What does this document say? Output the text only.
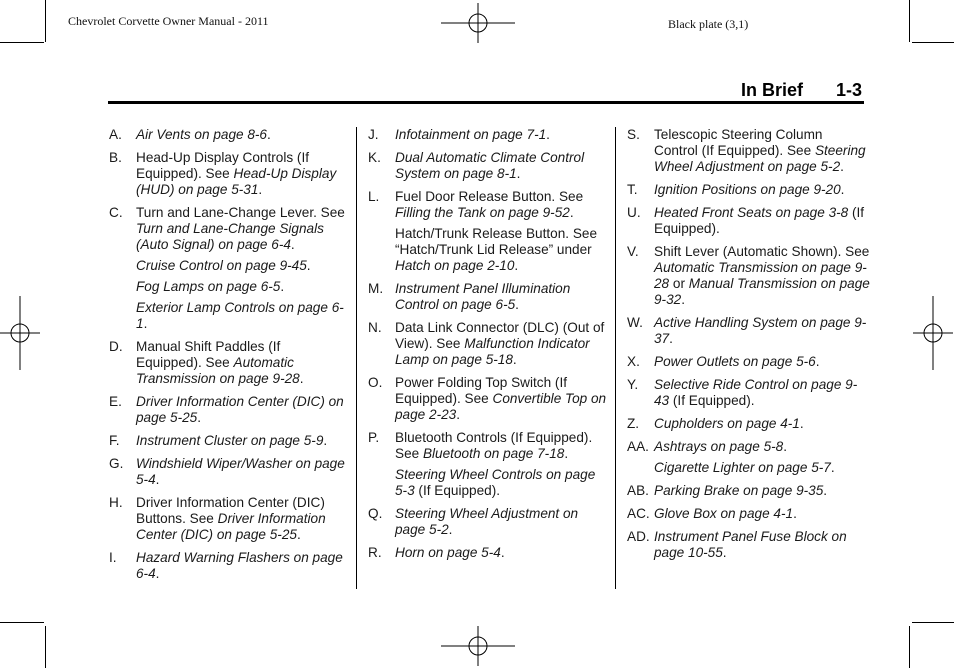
Chevrolet Corvette Owner Manual - 2011	Black plate (3,1)
In Brief 1-3
A. Air Vents on page 8-6.
B. Head-Up Display Controls (If Equipped). See Head-Up Display (HUD) on page 5-31.
C. Turn and Lane-Change Lever. See Turn and Lane-Change Signals (Auto Signal) on page 6-4.
Cruise Control on page 9-45.
Fog Lamps on page 6-5.
Exterior Lamp Controls on page 6-1.
D. Manual Shift Paddles (If Equipped). See Automatic Transmission on page 9-28.
E. Driver Information Center (DIC) on page 5-25.
F. Instrument Cluster on page 5-9.
G. Windshield Wiper/Washer on page 5-4.
H. Driver Information Center (DIC) Buttons. See Driver Information Center (DIC) on page 5-25.
I. Hazard Warning Flashers on page 6-4.
J. Infotainment on page 7-1.
K. Dual Automatic Climate Control System on page 8-1.
L. Fuel Door Release Button. See Filling the Tank on page 9-52.
Hatch/Trunk Release Button. See “Hatch/Trunk Lid Release” under Hatch on page 2-10.
M. Instrument Panel Illumination Control on page 6-5.
N. Data Link Connector (DLC) (Out of View). See Malfunction Indicator Lamp on page 5-18.
O. Power Folding Top Switch (If Equipped). See Convertible Top on page 2-23.
P. Bluetooth Controls (If Equipped). See Bluetooth on page 7-18.
Steering Wheel Controls on page 5-3 (If Equipped).
Q. Steering Wheel Adjustment on page 5-2.
R. Horn on page 5-4.
S. Telescopic Steering Column Control (If Equipped). See Steering Wheel Adjustment on page 5-2.
T. Ignition Positions on page 9-20.
U. Heated Front Seats on page 3-8 (If Equipped).
V. Shift Lever (Automatic Shown). See Automatic Transmission on page 9-28 or Manual Transmission on page 9-32.
W. Active Handling System on page 9-37.
X. Power Outlets on page 5-6.
Y. Selective Ride Control on page 9-43 (If Equipped).
Z. Cupholders on page 4-1.
AA. Ashtrays on page 5-8.
Cigarette Lighter on page 5-7.
AB. Parking Brake on page 9-35.
AC. Glove Box on page 4-1.
AD. Instrument Panel Fuse Block on page 10-55.
